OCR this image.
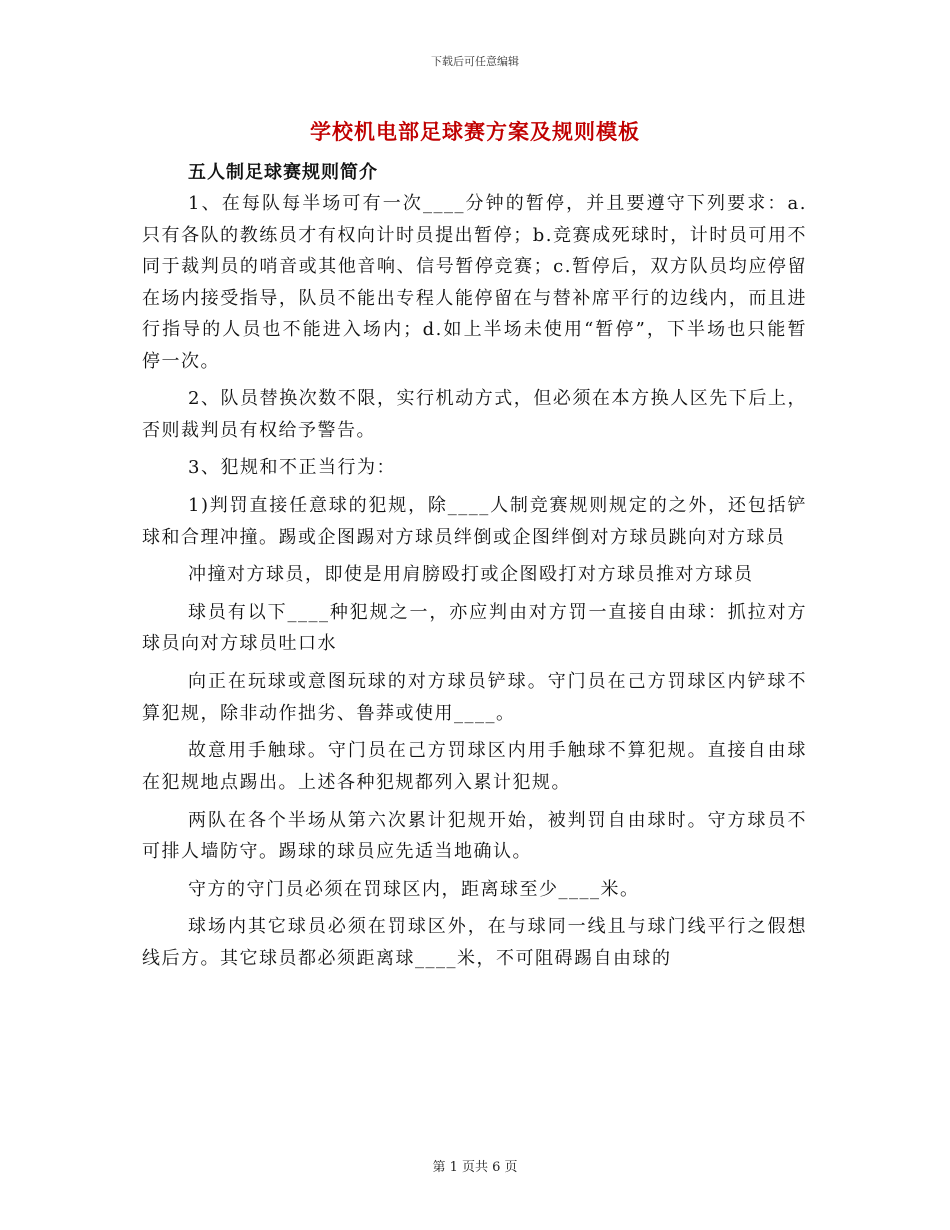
下载后可任意编辑
学校机电部足球赛方案及规则模板
五人制足球赛规则简介

1、在每队每半场可有一次____分钟的暂停，并且要遵守下列要求：a.只有各队的教练员才有权向计时员提出暂停；b.竞赛成死球时，计时员可用不同于裁判员的哨音或其他音响、信号暂停竞赛；c.暂停后，双方队员均应停留在场内接受指导，队员不能出专程人能停留在与替补席平行的边线内，而且进行指导的人员也不能进入场内；d.如上半场未使用“暂停”，下半场也只能暂停一次。

2、队员替换次数不限，实行机动方式，但必须在本方换人区先下后上，否则裁判员有权给予警告。

3、犯规和不正当行为：

1)判罚直接任意球的犯规，除____人制竞赛规则规定的之外，还包括铲球和合理冲撞。踢或企图踢对方球员绊倒或企图绊倒对方球员跳向对方球员

冲撞对方球员，即使是用肩膀殴打或企图殴打对方球员推对方球员

球员有以下____种犯规之一，亦应判由对方罚一直接自由球：抓拉对方球员向对方球员吐口水

向正在玩球或意图玩球的对方球员铲球。守门员在己方罚球区内铲球不算犯规，除非动作拙劣、鲁莽或使用____。

故意用手触球。守门员在己方罚球区内用手触球不算犯规。直接自由球在犯规地点踢出。上述各种犯规都列入累计犯规。

两队在各个半场从第六次累计犯规开始，被判罚自由球时。守方球员不可排人墙防守。踢球的球员应先适当地确认。

守方的守门员必须在罚球区内，距离球至少____米。

球场内其它球员必须在罚球区外，在与球同一线且与球门线平行之假想线后方。其它球员都必须距离球____米，不可阻碍踢自由球的

第 1 页共 6 页
